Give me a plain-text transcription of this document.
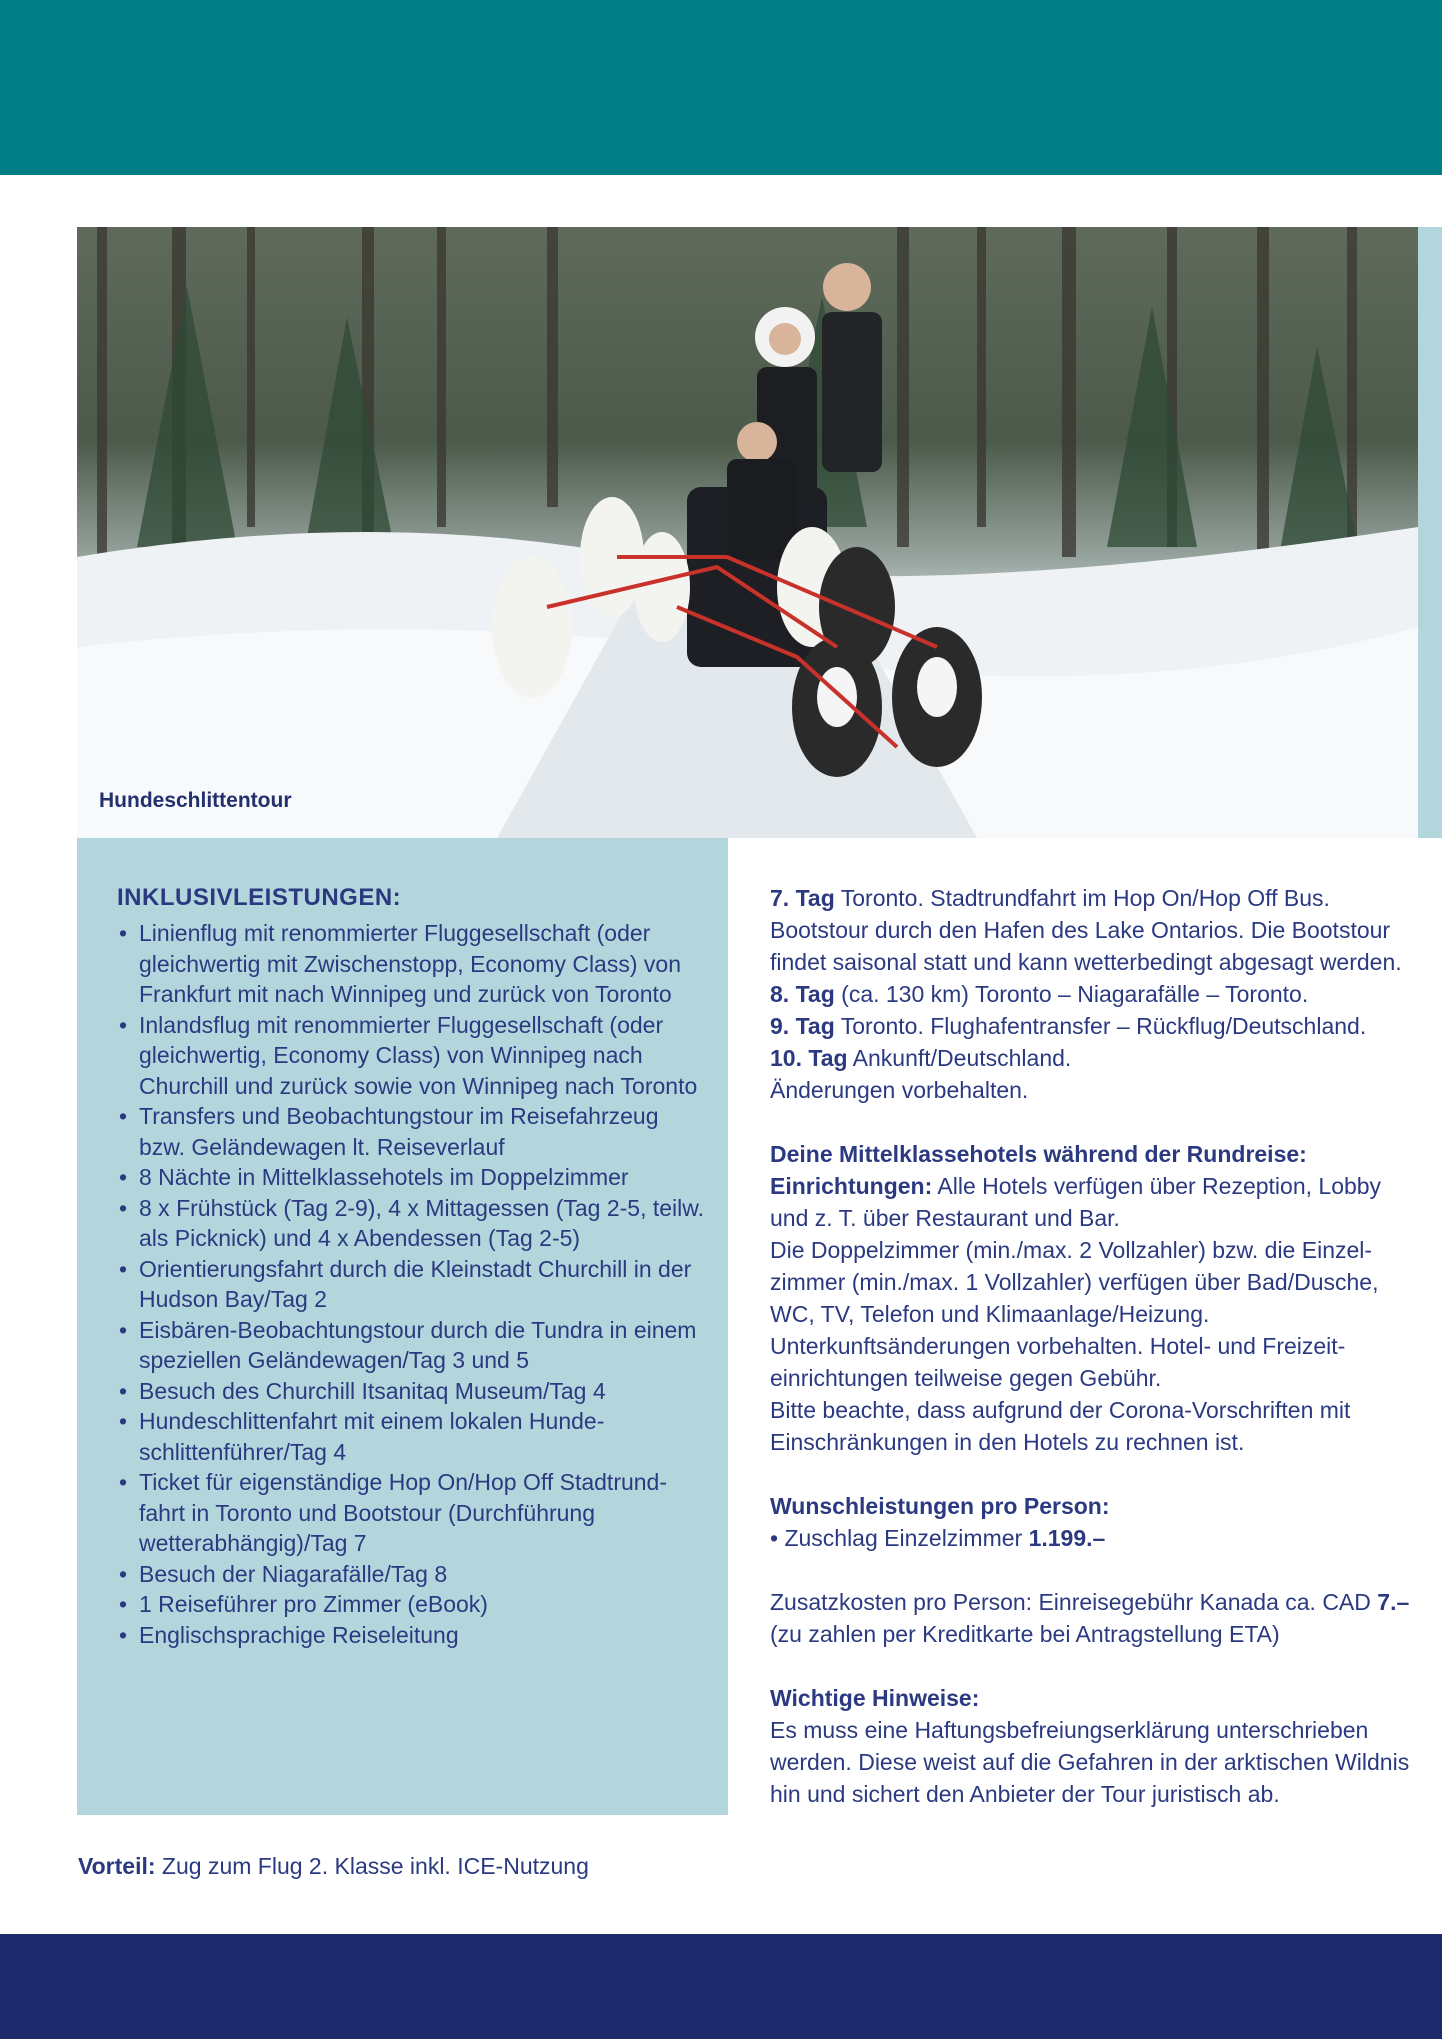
Hundeschlittentour
INKLUSIVLEISTUNGEN:
• Linienflug mit renommierter Fluggesellschaft (oder gleichwertig mit Zwischenstopp, Economy Class) von Frankfurt mit nach Winnipeg und zurück von Toronto
• Inlandsflug mit renommierter Fluggesellschaft (oder gleichwertig, Economy Class) von Winnipeg nach Churchill und zurück sowie von Winnipeg nach Toronto
• Transfers und Beobachtungstour im Reisefahrzeug bzw. Geländewagen lt. Reiseverlauf
• 8 Nächte in Mittelklassehotels im Doppelzimmer
• 8 x Frühstück (Tag 2-9), 4 x Mittagessen (Tag 2-5, teilw. als Picknick) und 4 x Abendessen (Tag 2-5)
• Orientierungsfahrt durch die Kleinstadt Churchill in der Hudson Bay/Tag 2
• Eisbären-Beobachtungstour durch die Tundra in einem speziellen Geländewagen/Tag 3 und 5
• Besuch des Churchill Itsanitaq Museum/Tag 4
• Hundeschlittenfahrt mit einem lokalen Hunde-schlittenführer/Tag 4
• Ticket für eigenständige Hop On/Hop Off Stadtrund-fahrt in Toronto und Bootstour (Durchführung wetterabhängig)/Tag 7
• Besuch der Niagarafälle/Tag 8
• 1 Reiseführer pro Zimmer (eBook)
• Englischsprachige Reiseleitung
Vorteil: Zug zum Flug 2. Klasse inkl. ICE-Nutzung

7. Tag Toronto. Stadtrundfahrt im Hop On/Hop Off Bus. Bootstour durch den Hafen des Lake Ontarios. Die Bootstour findet saisonal statt und kann wetterbedingt abgesagt werden.

8. Tag (ca. 130 km) Toronto – Niagarafälle – Toronto.

9. Tag Toronto. Flughafentransfer – Rückflug/Deutschland.

10. Tag Ankunft/Deutschland.

Änderungen vorbehalten.

Deine Mittelklassehotels während der Rundreise:

Einrichtungen: Alle Hotels verfügen über Rezeption, Lobby und z. T. über Restaurant und Bar.

Die Doppelzimmer (min./max. 2 Vollzahler) bzw. die Einzel-zimmer (min./max. 1 Vollzahler) verfügen über Bad/Dusche, WC, TV, Telefon und Klimaanlage/Heizung.

Unterkunftsänderungen vorbehalten. Hotel- und Freizeit-einrichtungen teilweise gegen Gebühr.

Bitte beachte, dass aufgrund der Corona-Vorschriften mit Einschränkungen in den Hotels zu rechnen ist.

Wunschleistungen pro Person:

• Zuschlag Einzelzimmer 1.199.–

Zusatzkosten pro Person: Einreisegebühr Kanada ca. CAD 7.– (zu zahlen per Kreditkarte bei Antragstellung ETA)

Wichtige Hinweise:

Es muss eine Haftungsbefreiungserklärung unterschrieben werden. Diese weist auf die Gefahren in der arktischen Wildnis hin und sichert den Anbieter der Tour juristisch ab.
